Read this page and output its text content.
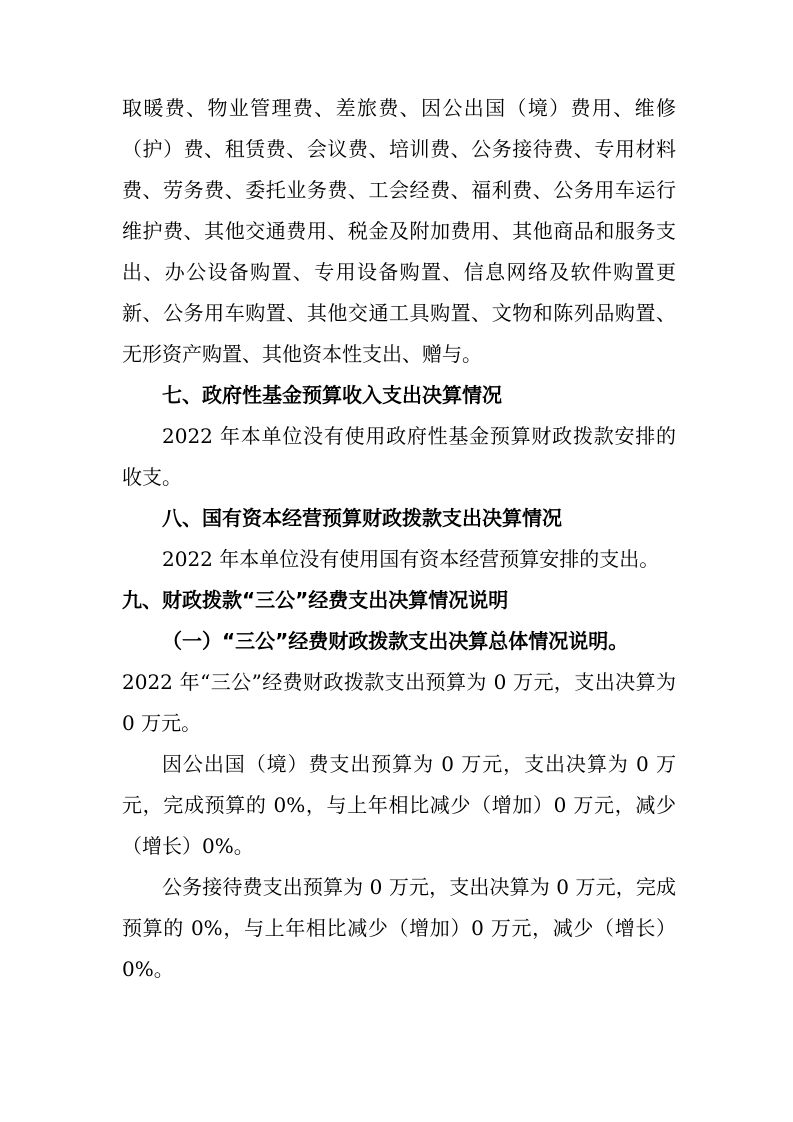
取暖费、物业管理费、差旅费、因公出国（境）费用、维修（护）费、租赁费、会议费、培训费、公务接待费、专用材料费、劳务费、委托业务费、工会经费、福利费、公务用车运行维护费、其他交通费用、税金及附加费用、其他商品和服务支出、办公设备购置、专用设备购置、信息网络及软件购置更新、公务用车购置、其他交通工具购置、文物和陈列品购置、无形资产购置、其他资本性支出、赠与。

七、政府性基金预算收入支出决算情况

2022 年本单位没有使用政府性基金预算财政拨款安排的收支。

八、国有资本经营预算财政拨款支出决算情况

2022 年本单位没有使用国有资本经营预算安排的支出。

九、财政拨款“三公”经费支出决算情况说明

（一）“三公”经费财政拨款支出决算总体情况说明。

2022 年“三公”经费财政拨款支出预算为 0 万元，支出决算为 0 万元。

因公出国（境）费支出预算为 0 万元，支出决算为 0 万元，完成预算的 0%，与上年相比减少（增加）0 万元，减少（增长）0%。

公务接待费支出预算为 0 万元，支出决算为 0 万元，完成预算的 0%，与上年相比减少（增加）0 万元，减少（增长）0%。
